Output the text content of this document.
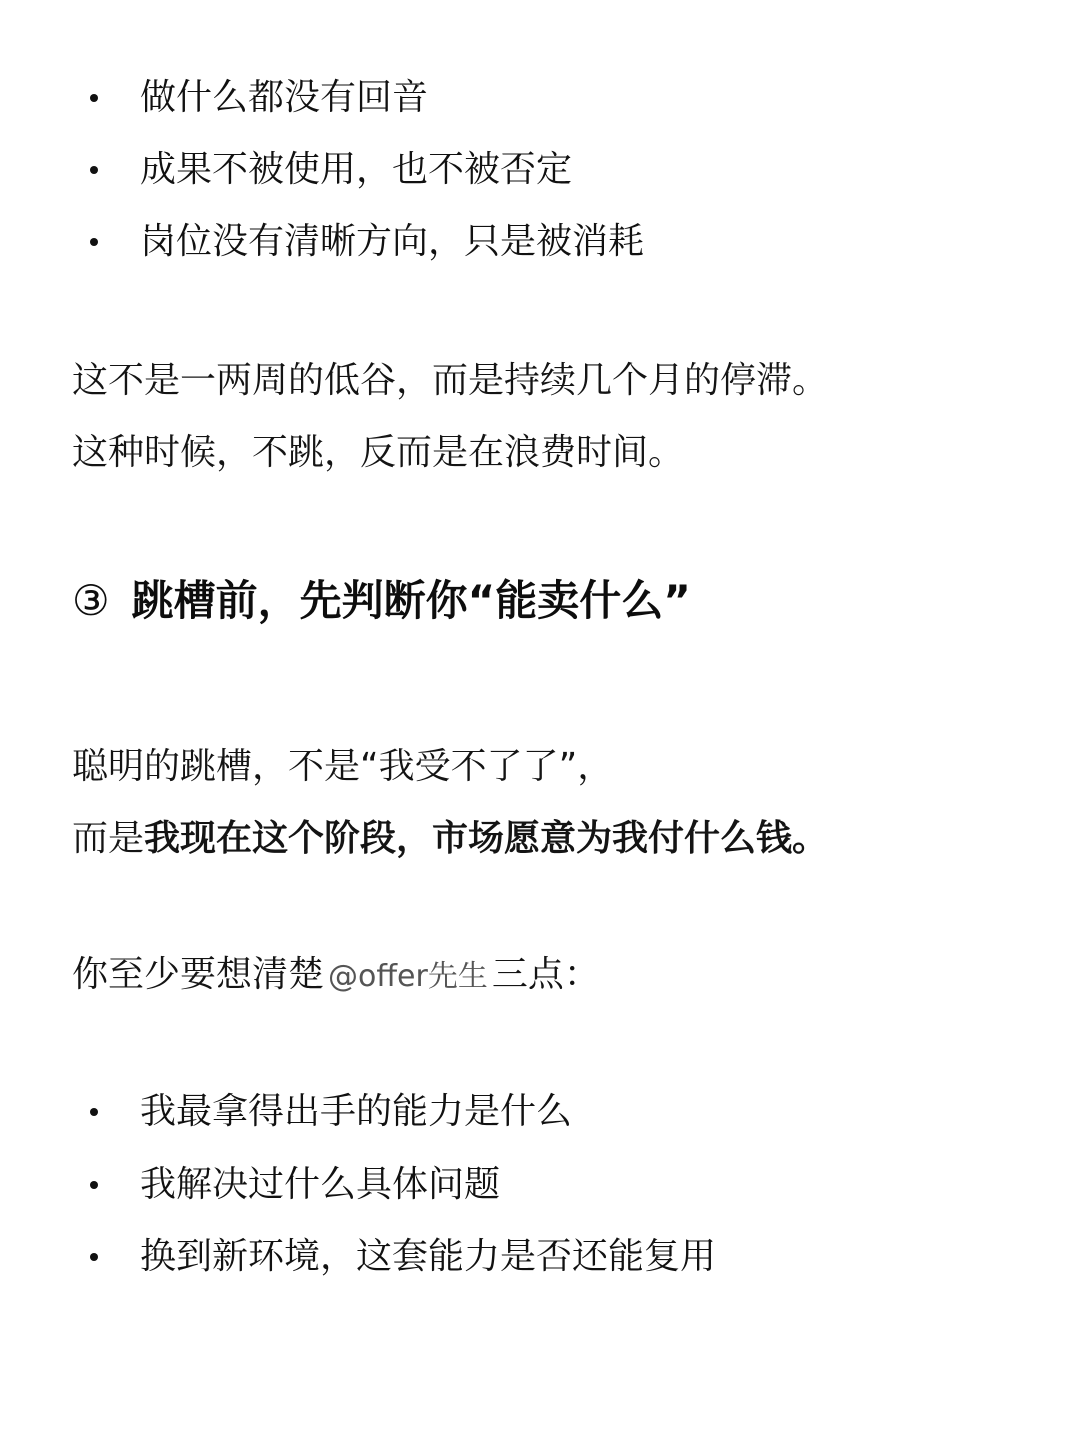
做什么都没有回音
成果不被使用，也不被否定
岗位没有清晰方向，只是被消耗
这不是一两周的低谷，而是持续几个月的停滞。
这种时候，不跳，反而是在浪费时间。
③ 跳槽前，先判断你“能卖什么”
聪明的跳槽，不是“我受不了了”，
而是我现在这个阶段，市场愿意为我付什么钱。
你至少要想清楚 @offer先生 三点：
我最拿得出手的能力是什么
我解决过什么具体问题
换到新环境，这套能力是否还能复用
